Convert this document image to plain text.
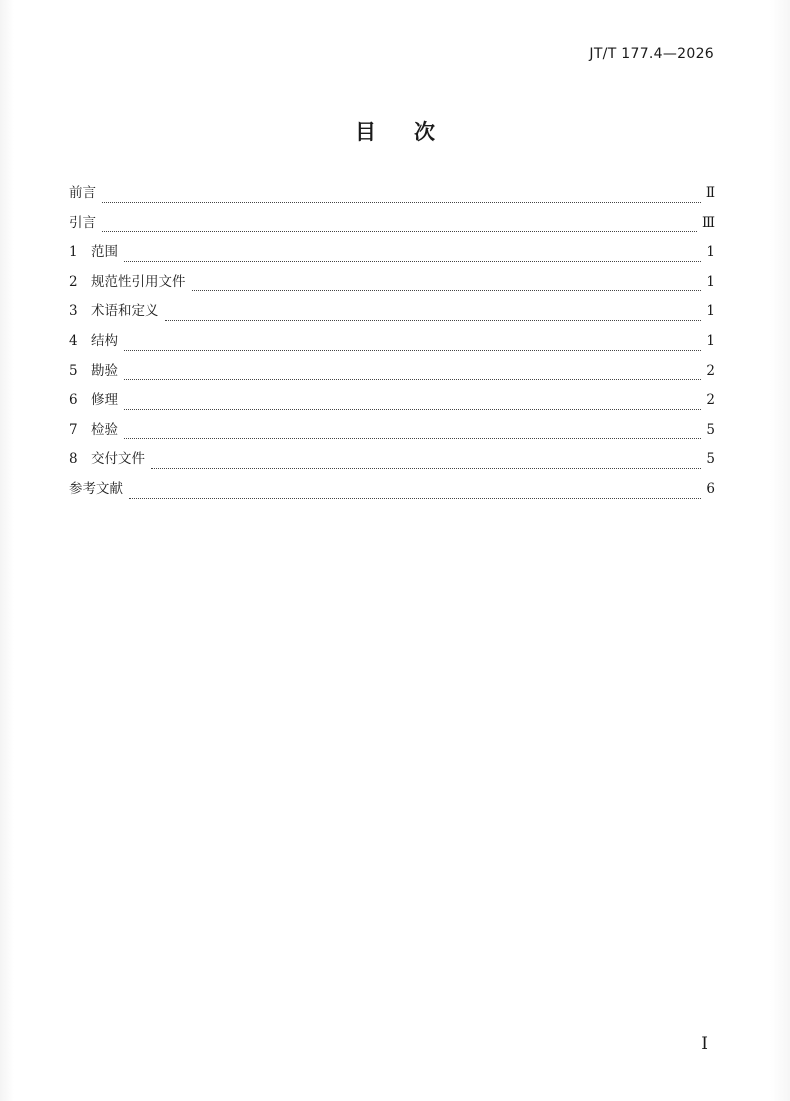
JT/T 177.4—2026
目 次
前言	Ⅱ
引言	Ⅲ
1 范围	1
2 规范性引用文件	1
3 术语和定义	1
4 结构	1
5 勘验	2
6 修理	2
7 检验	5
8 交付文件	5
参考文献	6
I
